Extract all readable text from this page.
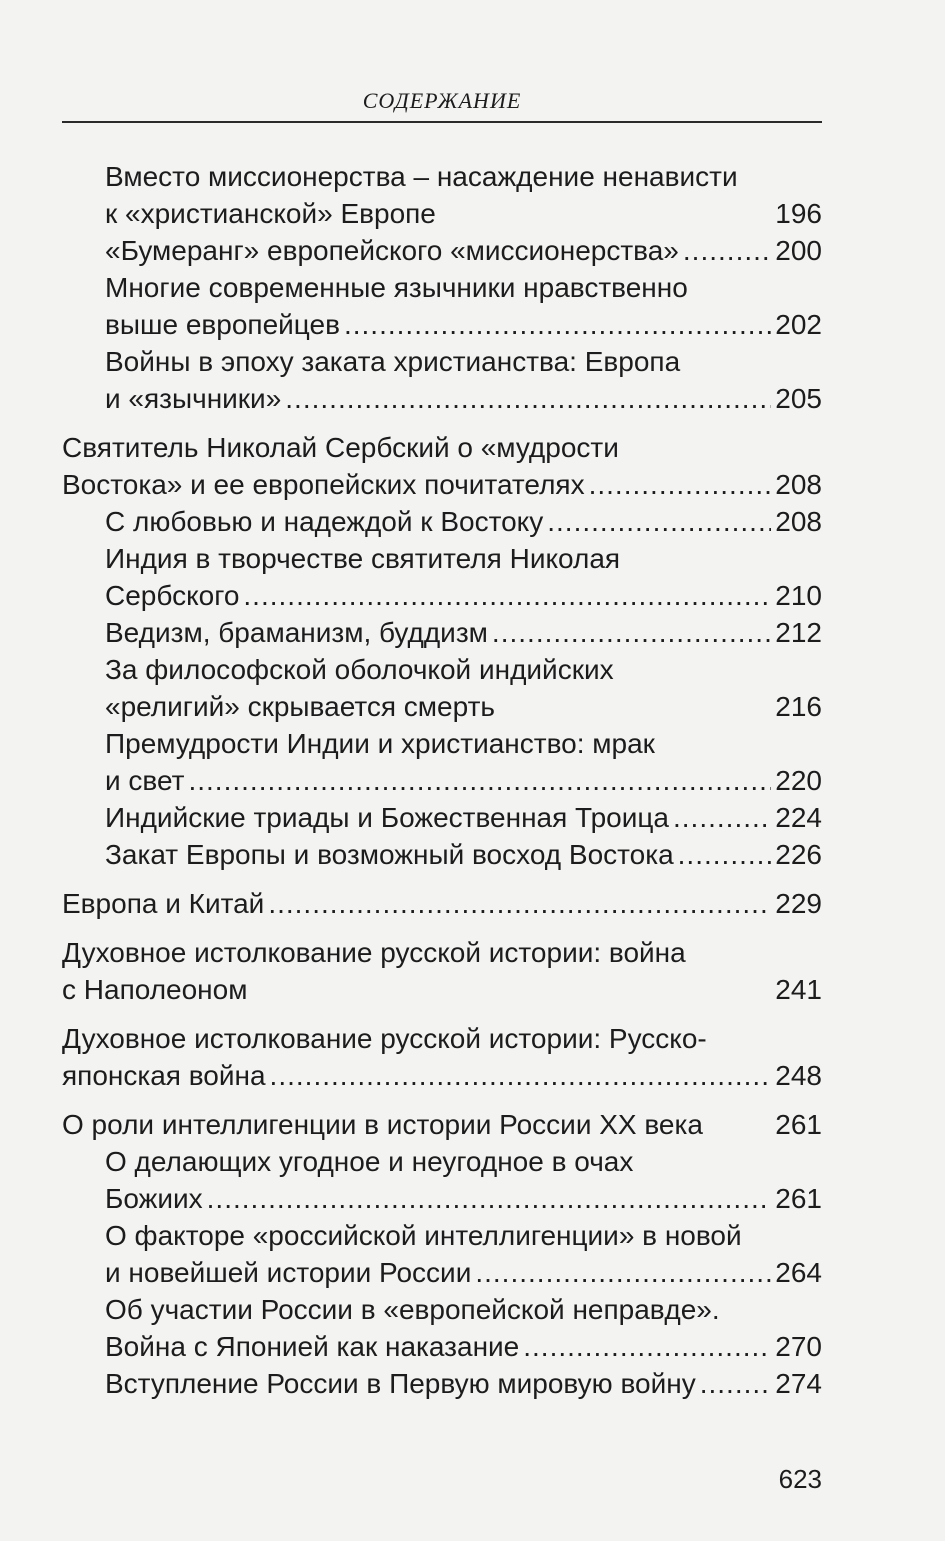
СОДЕРЖАНИЕ
Вместо миссионерства – насаждение ненависти
к «христианской» Европе	196
«Бумеранг» европейского «миссионерства» .....	200
Многие современные язычники нравственно
выше европейцев .....	202
Войны в эпоху заката христианства: Европа
и «язычники» .....	205
Святитель Николай Сербский о «мудрости
Востока» и ее европейских почитателях .....	208
С любовью и надеждой к Востоку .....	208
Индия в творчестве святителя Николая
Сербского .....	210
Ведизм, браманизм, буддизм .....	212
За философской оболочкой индийских
«религий» скрывается смерть	216
Премудрости Индии и христианство: мрак
и свет .....	220
Индийские триады и Божественная Троица .....	224
Закат Европы и возможный восход Востока .....	226
Европа и Китай .....	229
Духовное истолкование русской истории: война
с Наполеоном	241
Духовное истолкование русской истории: Русско-
японская война .....	248
О роли интеллигенции в истории России XX века	261
О делающих угодное и неугодное в очах
Божиих .....	261
О факторе «российской интеллигенции» в новой
и новейшей истории России .....	264
Об участии России в «европейской неправде».
Война с Японией как наказание .....	270
Вступление России в Первую мировую войну .....	274
623
